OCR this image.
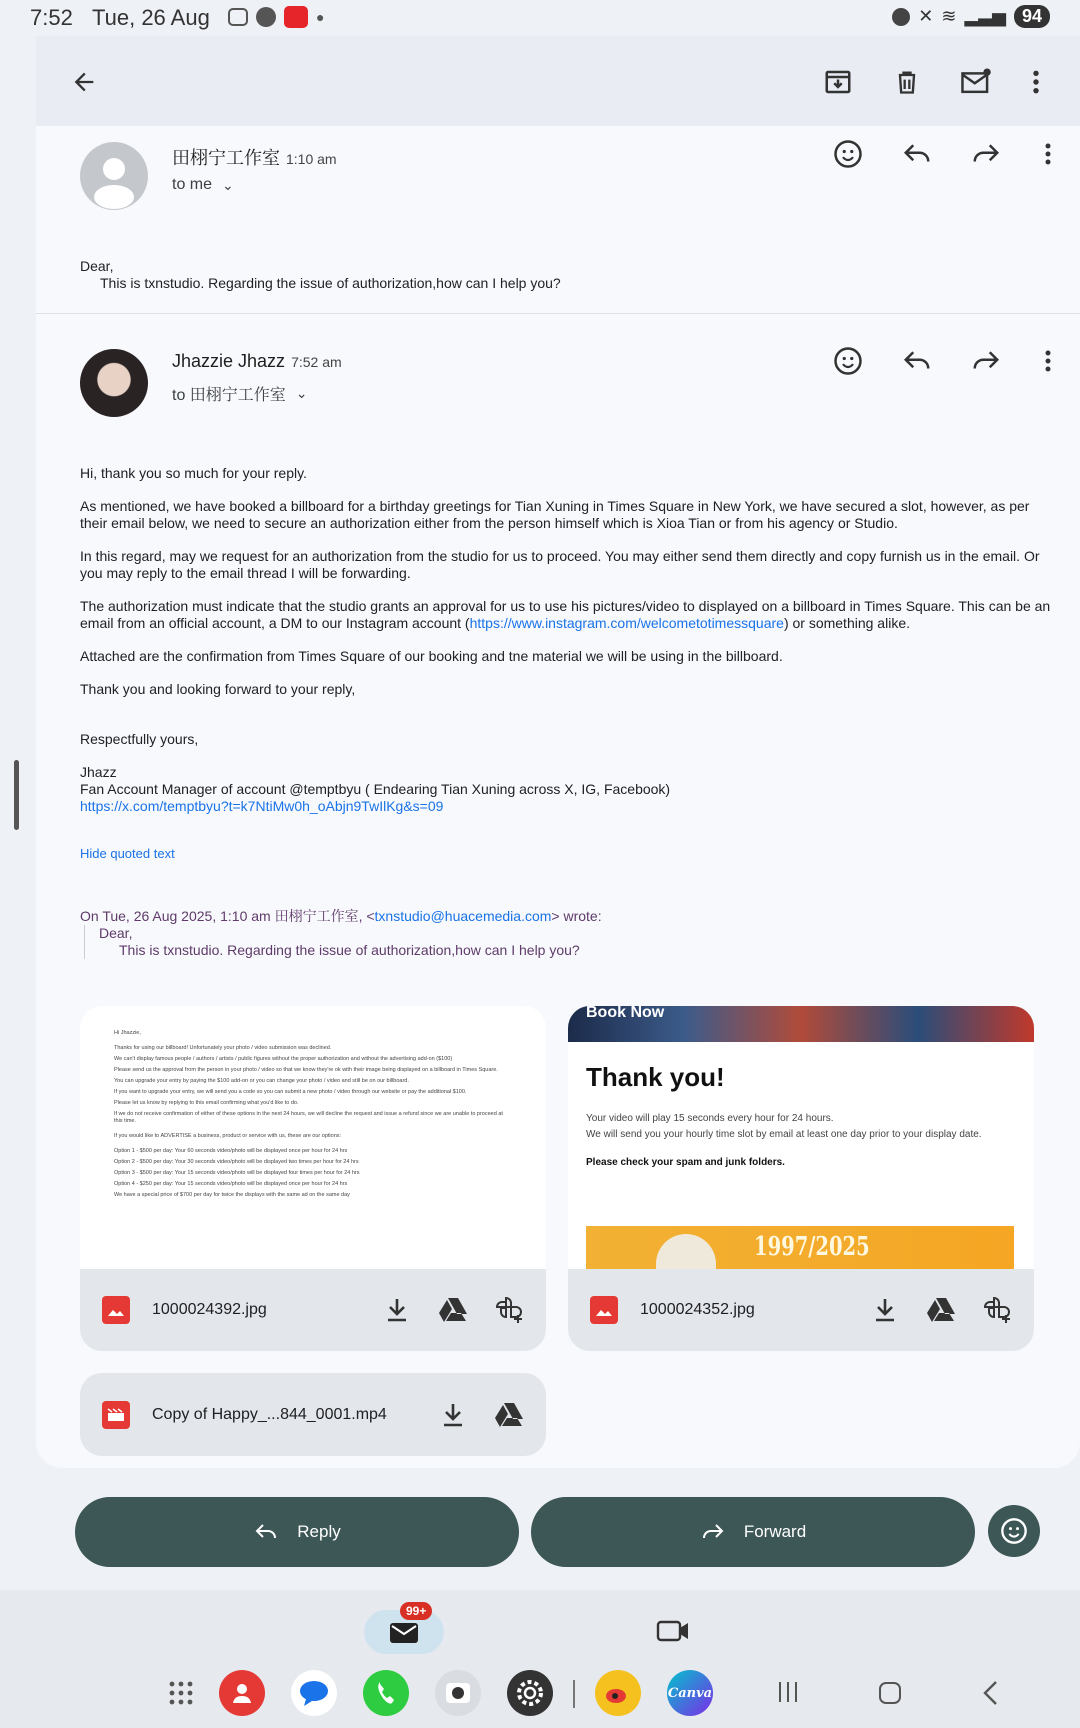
7:52 Tue, 26 Aug	●	✕ ≋ ▂▃▅ 94
田栩宁工作室 1:10 am
to me ⌄
Dear,
This is txnstudio. Regarding the issue of authorization,how can I help you?
Jhazzie Jhazz 7:52 am
to 田栩宁工作室 ⌄
Hi, thank you so much for your reply.
As mentioned, we have booked a billboard for a birthday greetings for Tian Xuning in Times Square in New York, we have secured a slot, however, as per their email below, we need to secure an authorization either from the person himself which is Xioa Tian or from his agency or Studio.
In this regard, may we request for an authorization from the studio for us to proceed. You may either send them directly and copy furnish us in the email. Or you may reply to the email thread I will be forwarding.
The authorization must indicate that the studio grants an approval for us to use his pictures/video to displayed on a billboard in Times Square. This can be an email from an official account, a DM to our Instagram account (https://www.instagram.com/welcometotimessquare) or something alike.
Attached are the confirmation from Times Square of our booking and tne material we will be using in the billboard.
Thank you and looking forward to your reply,
Respectfully yours,
Jhazz
Fan Account Manager of account @temptbyu ( Endearing Tian Xuning across X, IG, Facebook)
https://x.com/temptbyu?t=k7NtiMw0h_oAbjn9TwIlKg&s=09
Hide quoted text
On Tue, 26 Aug 2025, 1:10 am 田栩宁工作室, <txnstudio@huacemedia.com> wrote:
Dear,
This is txnstudio. Regarding the issue of authorization,how can I help you?
Hi Jhazzie,
Thanks for using our billboard! Unfortunately your photo / video submission was declined.
We can't display famous people / authors / artists / public figures without the proper authorization and without the advertising add-on ($100)
Please send us the approval from the person in your photo / video so that we know they're ok with their image being displayed on a billboard in Times Square.
You can upgrade your entry by paying the $100 add-on or you can change your photo / video and still be on our billboard.
If you want to upgrade your entry, we will send you a code so you can submit a new photo / video through our website or pay the additional $100.
Please let us know by replying to this email confirming what you'd like to do.
If we do not receive confirmation of either of these options in the next 24 hours, we will decline the request and issue a refund since we are unable to proceed at this time.
If you would like to ADVERTISE a business, product or service with us, these are our options:
Option 1 - $500 per day: Your 60 seconds video/photo will be displayed once per hour for 24 hrs
Option 2 - $500 per day: Your 30 seconds video/photo will be displayed two times per hour for 24 hrs
Option 3 - $500 per day: Your 15 seconds video/photo will be displayed four times per hour for 24 hrs
Option 4 - $250 per day: Your 15 seconds video/photo will be displayed once per hour for 24 hrs
We have a special price of $700 per day for twice the displays with the same ad on the same day
1000024392.jpg
Book Now
Thank you!
Your video will play 15 seconds every hour for 24 hours.
We will send you your hourly time slot by email at least one day prior to your display date.
Please check your spam and junk folders.
1997/2025
1000024352.jpg
Copy of Happy_...844_0001.mp4
Reply	Forward
99+
Canva
